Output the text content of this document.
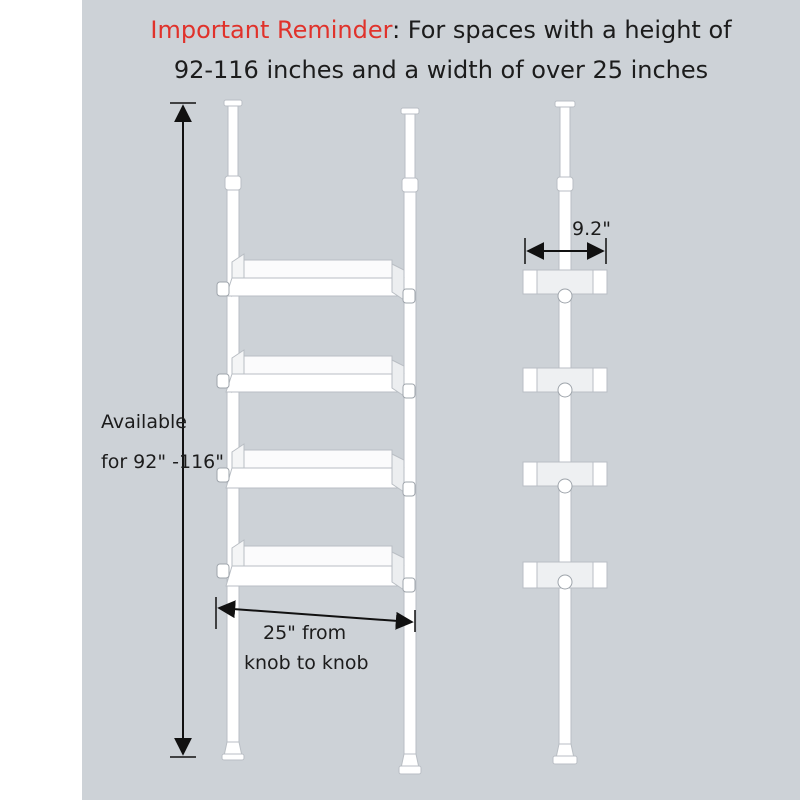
Important Reminder: For spaces with a height of
92-116 inches and a width of over 25 inches

Available
for 92" -116"
25" from
knob to knob
9.2"
